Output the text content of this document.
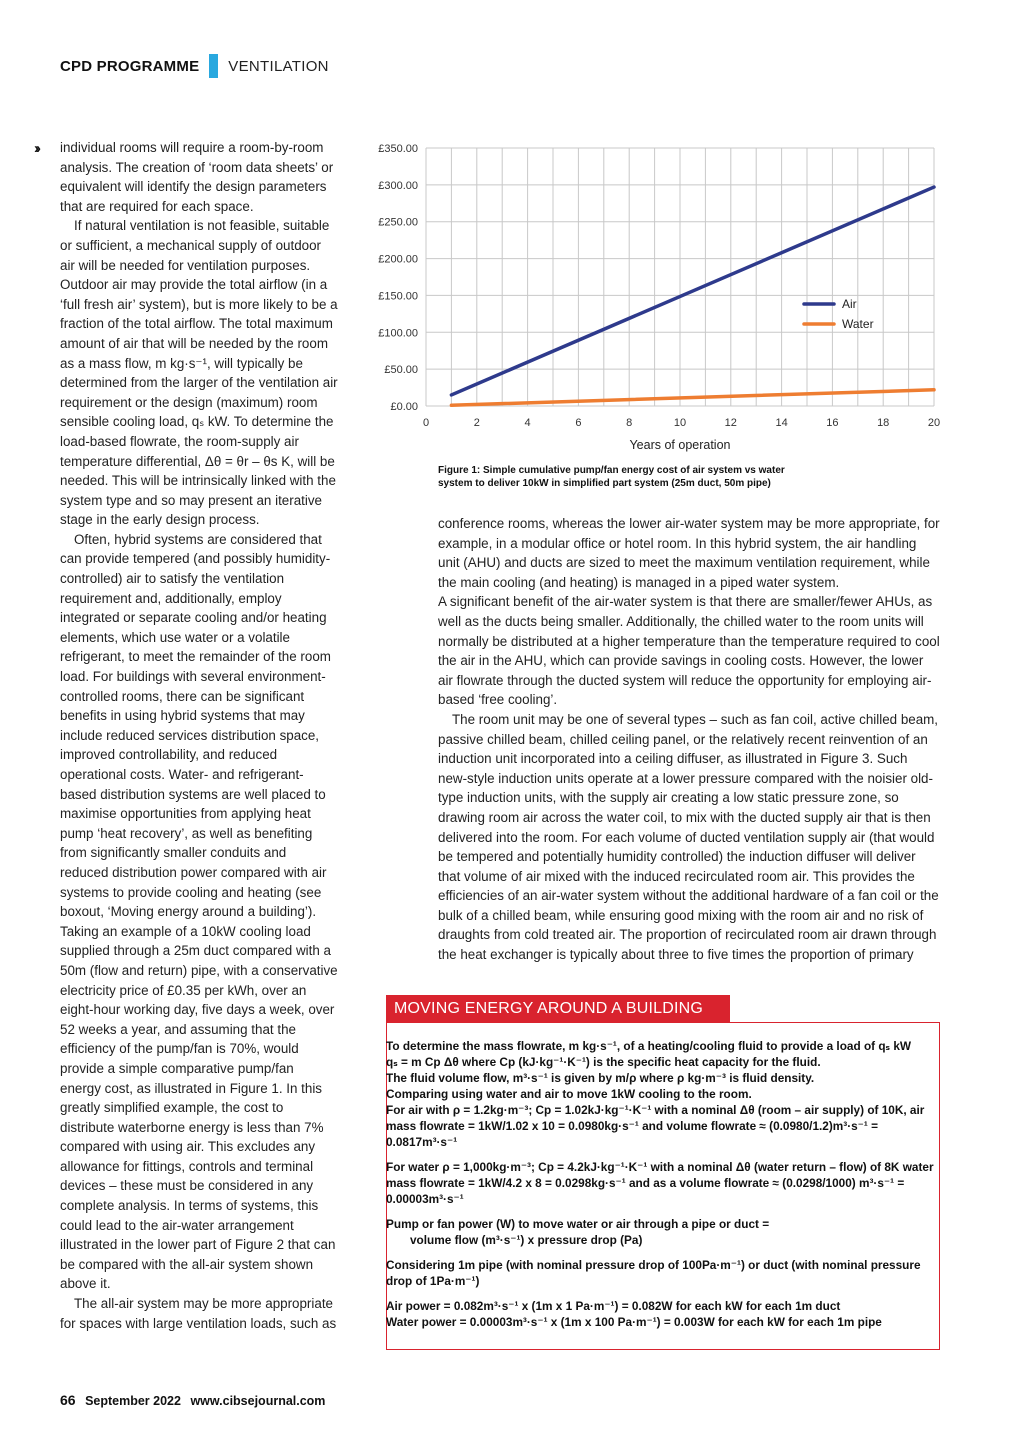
CPD PROGRAMME VENTILATION
›› individual rooms will require a room-by-room analysis. The creation of ‘room data sheets’ or equivalent will identify the design parameters that are required for each space.

If natural ventilation is not feasible, suitable or sufficient, a mechanical supply of outdoor air will be needed for ventilation purposes. Outdoor air may provide the total airflow (in a ‘full fresh air’ system), but is more likely to be a fraction of the total airflow. The total maximum amount of air that will be needed by the room as a mass flow, m kg·s⁻¹, will typically be determined from the larger of the ventilation air requirement or the design (maximum) room sensible cooling load, qₛ kW. To determine the load-based flowrate, the room-supply air temperature differential, Δθ = θr – θs K, will be needed. This will be intrinsically linked with the system type and so may present an iterative stage in the early design process.

Often, hybrid systems are considered that can provide tempered (and possibly humidity-controlled) air to satisfy the ventilation requirement and, additionally, employ integrated or separate cooling and/or heating elements, which use water or a volatile refrigerant, to meet the remainder of the room load. For buildings with several environment-controlled rooms, there can be significant benefits in using hybrid systems that may include reduced services distribution space, improved controllability, and reduced operational costs. Water- and refrigerant-based distribution systems are well placed to maximise opportunities from applying heat pump ‘heat recovery’, as well as benefiting from significantly smaller conduits and reduced distribution power compared with air systems to provide cooling and heating (see boxout, ‘Moving energy around a building’). Taking an example of a 10kW cooling load supplied through a 25m duct compared with a 50m (flow and return) pipe, with a conservative electricity price of £0.35 per kWh, over an eight-hour working day, five days a week, over 52 weeks a year, and assuming that the efficiency of the pump/fan is 70%, would provide a simple comparative pump/fan energy cost, as illustrated in Figure 1. In this greatly simplified example, the cost to distribute waterborne energy is less than 7% compared with using air. This excludes any allowance for fittings, controls and terminal devices – these must be considered in any complete analysis. In terms of systems, this could lead to the air-water arrangement illustrated in the lower part of Figure 2 that can be compared with the all-air system shown above it.

The all-air system may be more appropriate for spaces with large ventilation loads, such as

£0.00
£50.00
£100.00
£150.00
£200.00
£250.00
£300.00
£350.00
0	2	4	6	8	10	12	14	16	18	20
Years of operation
Air
Water
Figure 1: Simple cumulative pump/fan energy cost of air system vs water system to deliver 10kW in simplified part system (25m duct, 50m pipe)

conference rooms, whereas the lower air-water system may be more appropriate, for example, in a modular office or hotel room. In this hybrid system, the air handling unit (AHU) and ducts are sized to meet the maximum ventilation requirement, while the main cooling (and heating) is managed in a piped water system.

A significant benefit of the air-water system is that there are smaller/fewer AHUs, as well as the ducts being smaller. Additionally, the chilled water to the room units will normally be distributed at a higher temperature than the temperature required to cool the air in the AHU, which can provide savings in cooling costs. However, the lower air flowrate through the ducted system will reduce the opportunity for employing air-based ‘free cooling’.

The room unit may be one of several types – such as fan coil, active chilled beam, passive chilled beam, chilled ceiling panel, or the relatively recent reinvention of an induction unit incorporated into a ceiling diffuser, as illustrated in Figure 3. Such new-style induction units operate at a lower pressure compared with the noisier old-type induction units, with the supply air creating a low static pressure zone, so drawing room air across the water coil, to mix with the ducted supply air that is then delivered into the room. For each volume of ducted ventilation supply air (that would be tempered and potentially humidity controlled) the induction diffuser will deliver that volume of air mixed with the induced recirculated room air. This provides the efficiencies of an air-water system without the additional hardware of a fan coil or the bulk of a chilled beam, while ensuring good mixing with the room air and no risk of draughts from cold treated air. The proportion of recirculated room air drawn through the heat exchanger is typically about three to five times the proportion of primary

MOVING ENERGY AROUND A BUILDING

To determine the mass flowrate, m kg·s⁻¹, of a heating/cooling fluid to provide a load of qₛ kW
qₛ = m Cp Δθ where Cp (kJ·kg⁻¹·K⁻¹) is the specific heat capacity for the fluid.
The fluid volume flow, m³·s⁻¹ is given by m/ρ where ρ kg·m⁻³ is fluid density.
Comparing using water and air to move 1kW cooling to the room.
For air with ρ = 1.2kg·m⁻³; Cp = 1.02kJ·kg⁻¹·K⁻¹ with a nominal Δθ (room – air supply) of 10K, air mass flowrate = 1kW/1.02 x 10 = 0.0980kg·s⁻¹ and volume flowrate ≈ (0.0980/1.2)m³·s⁻¹ = 0.0817m³·s⁻¹

For water ρ = 1,000kg·m⁻³; Cp = 4.2kJ·kg⁻¹·K⁻¹ with a nominal Δθ (water return – flow) of 8K water mass flowrate = 1kW/4.2 x 8 = 0.0298kg·s⁻¹ and as a volume flowrate ≈ (0.0298/1000) m³·s⁻¹ = 0.00003m³·s⁻¹

Pump or fan power (W) to move water or air through a pipe or duct =
volume flow (m³·s⁻¹) x pressure drop (Pa)

Considering 1m pipe (with nominal pressure drop of 100Pa·m⁻¹) or duct (with nominal pressure drop of 1Pa·m⁻¹)

Air power = 0.082m³·s⁻¹ x (1m x 1 Pa·m⁻¹) = 0.082W for each kW for each 1m duct
Water power = 0.00003m³·s⁻¹ x (1m x 100 Pa·m⁻¹) = 0.003W for each kW for each 1m pipe

66 September 2022 www.cibsejournal.com
